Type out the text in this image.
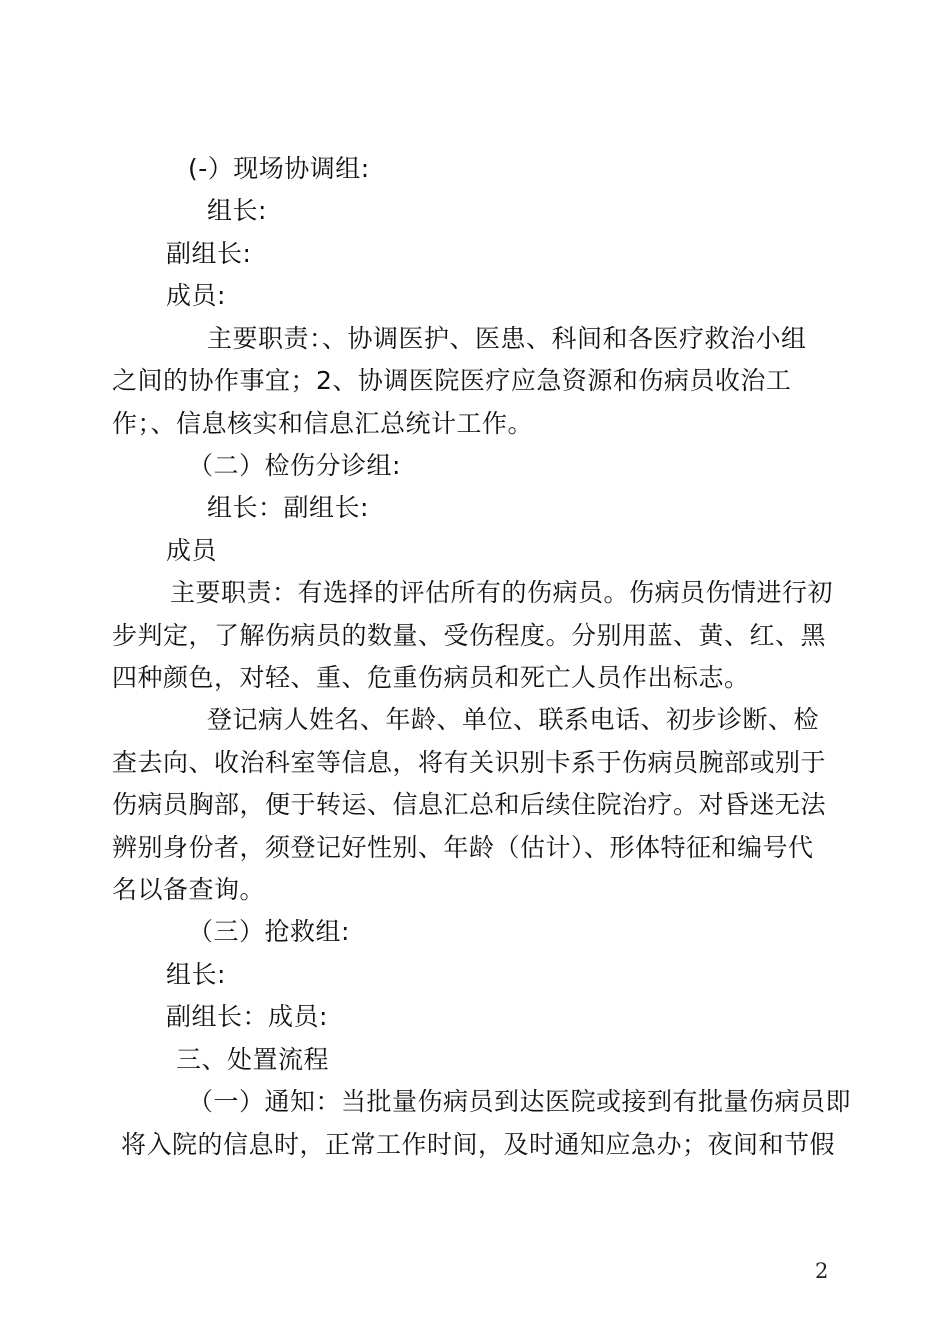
(-）现场协调组:
组长:
副组长:
成员:
主要职责：、协调医护、医患、科间和各医疗救治小组
之间的协作事宜；2、协调医院医疗应急资源和伤病员收治工
作；、信息核实和信息汇总统计工作。
（二）检伤分诊组:
组长：副组长:
成员
主要职责：有选择的评估所有的伤病员。伤病员伤情进行初
步判定，了解伤病员的数量、受伤程度。分别用蓝、黄、红、黑
四种颜色，对轻、重、危重伤病员和死亡人员作出标志。
登记病人姓名、年龄、单位、联系电话、初步诊断、检
查去向、收治科室等信息，将有关识别卡系于伤病员腕部或别于
伤病员胸部，便于转运、信息汇总和后续住院治疗。对昏迷无法
辨别身份者，须登记好性别、年龄（估计）、形体特征和编号代
名以备查询。
（三）抢救组:
组长:
副组长：成员:
三、处置流程
（一）通知：当批量伤病员到达医院或接到有批量伤病员即
将入院的信息时，正常工作时间，及时通知应急办；夜间和节假
2
